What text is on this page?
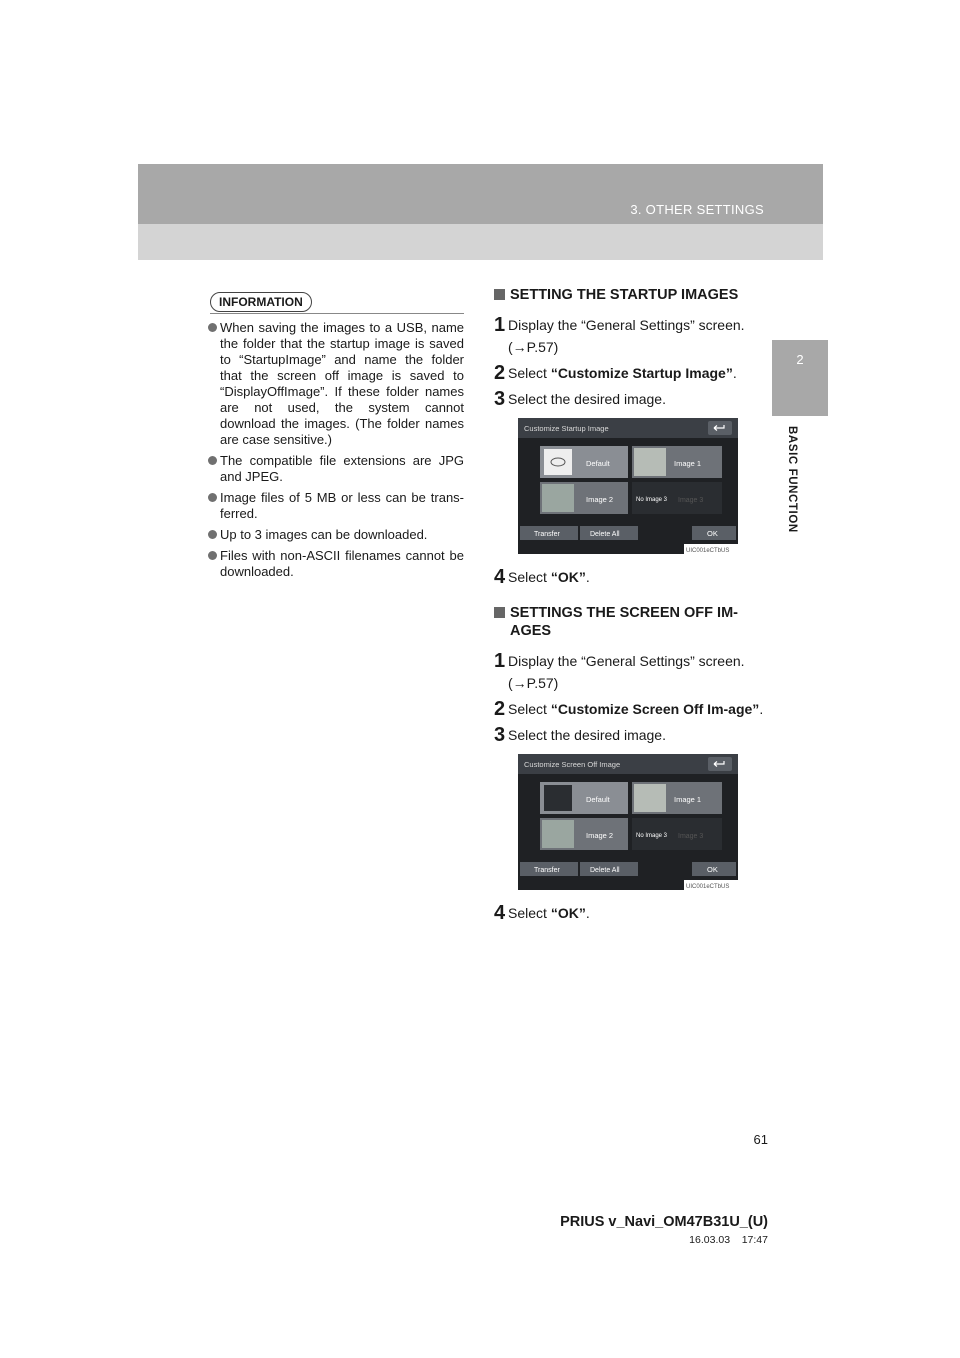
3. OTHER SETTINGS
2
BASIC FUNCTION
INFORMATION
When saving the images to a USB, name the folder that the startup image is saved to “StartupImage” and name the folder that the screen off image is saved to “DisplayOffImage”. If these folder names are not used, the system cannot download the images. (The folder names are case sensitive.)
The compatible file extensions are JPG and JPEG.
Image files of 5 MB or less can be trans-ferred.
Up to 3 images can be downloaded.
Files with non-ASCII filenames cannot be downloaded.
SETTING THE STARTUP IMAGES
1 Display the “General Settings” screen. (→P.57)
2 Select “Customize Startup Image”.
3 Select the desired image.
Customize Startup Image
Default	Image 1
Image 2	No Image 3 Image 3
Transfer	Delete All	OK
UIC001eCTbUS
4 Select “OK”.
SETTINGS THE SCREEN OFF IM-AGES
1 Display the “General Settings” screen. (→P.57)
2 Select “Customize Screen Off Im-age”.
3 Select the desired image.
Customize Screen Off Image
Default	Image 1
Image 2	No Image 3 Image 3
Transfer	Delete All	OK
UIC001eCTbUS
4 Select “OK”.
61
PRIUS v_Navi_OM47B31U_(U)
16.03.03    17:47
